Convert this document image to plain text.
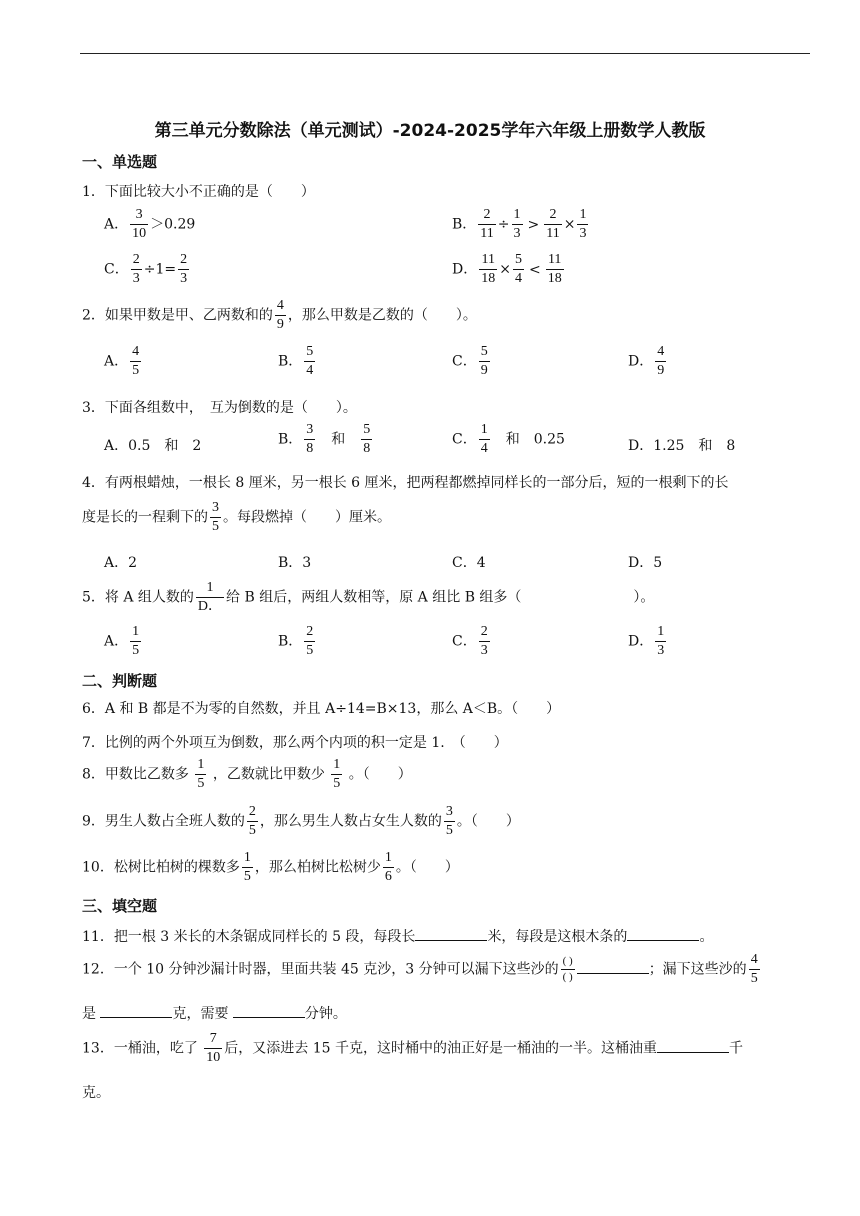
第三单元分数除法（单元测试）-2024-2025学年六年级上册数学人教版
一、单选题
1．下面比较大小不正确的是（　　）
A． $\frac{3}{10} >0.29$	B． $\frac{2}{11} \div \frac{1}{3} > \frac{2}{11} \times \frac{1}{3}$
C． $\frac{2}{3} \div 1= \frac{2}{3}$	D． $\frac{11}{18} \times \frac{5}{4} < \frac{11}{18}$
2．如果甲数是甲、乙两数和的 $\frac{4}{9}$ ，那么甲数是乙数的（　　）。
A． $\frac{4}{5}$	B． $\frac{5}{4}$	C． $\frac{5}{9}$	D． $\frac{4}{9}$
3．下面各组数中，　互为倒数的是（　　）。
A．0.5　和　2	B． $\frac{3}{8}$ 　和　 $\frac{5}{8}$	C． $\frac{1}{4}$ 　和　0.25	D．1.25　和　8
4．有两根蜡烛，一根长 8 厘米，另一根长 6 厘米，把两程都燃掉同样长的一部分后，短的一根剩下的长
度是长的一程剩下的 $\frac{3}{5}$ 。每段燃掉（　　）厘米。
A．2	B．3	C．4	D．5
5．将 A 组人数的 $\frac{1}{D.}$ 给 B 组后，两组人数相等，原 A 组比 B 组多（　　　　　　　　）。
A． $\frac{1}{5}$	B． $\frac{2}{5}$	C． $\frac{2}{3}$	D． $\frac{1}{3}$
二、判断题
6．A 和 B 都是不为零的自然数，并且 A÷14=B×13，那么 A＜B。（　　）
7．比例的两个外项互为倒数，那么两个内项的积一定是 1.　（　　）
8．甲数比乙数多 $\frac{1}{5}$ ，乙数就比甲数少 $\frac{1}{5}$ 。（　　）
9．男生人数占全班人数的 $\frac{2}{5}$ ，那么男生人数占女生人数的 $\frac{3}{5}$ 。（　　）
10．松树比柏树的棵数多 $\frac{1}{5}$ ，那么柏树比松树少 $\frac{1}{6}$ 。（　　）
三、填空题
11．把一根 3 米长的木条锯成同样长的 5 段，每段长	米，每段是这根木条的	。
12．一个 10 分钟沙漏计时器，里面共装 45 克沙，3 分钟可以漏下这些沙的 $\frac{( )}{( )}$	；漏下这些沙的 $\frac{4}{5}$
是	克，需要	分钟。
13．一桶油，吃了 $\frac{7}{10}$ 后，又添进去 15 千克，这时桶中的油正好是一桶油的一半。这桶油重	千
克。
